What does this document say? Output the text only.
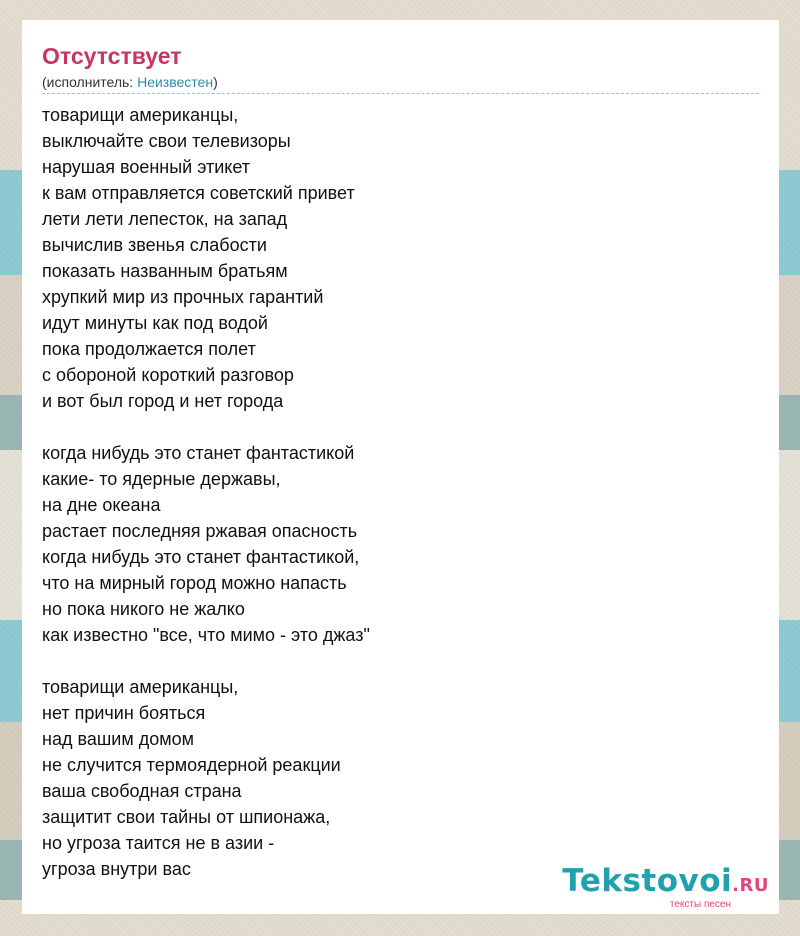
Отсутствует
(исполнитель: Неизвестен)
товарищи американцы,
выключайте свои телевизоры
нарушая военный этикет
к вам отправляется советский привет
лети лети лепесток, на запад
вычислив звенья слабости
показать названным братьям
хрупкий мир из прочных гарантий
идут минуты как под водой
пока продолжается полет
с обороной короткий разговор
и вот был город и нет города
когда нибудь это станет фантастикой
какие- то ядерные державы,
на дне океана
растает последняя ржавая опасность
когда нибудь это станет фантастикой,
что на мирный город можно напасть
но пока никого не жалко
как известно "все, что мимо - это джаз"
товарищи американцы,
нет причин бояться
над вашим домом
не случится термоядерной реакции
ваша свободная страна
защитит свои тайны от шпионажа,
но угроза таится не в азии -
угроза внутри вас	Tekstovoi.RU
тексты песен
